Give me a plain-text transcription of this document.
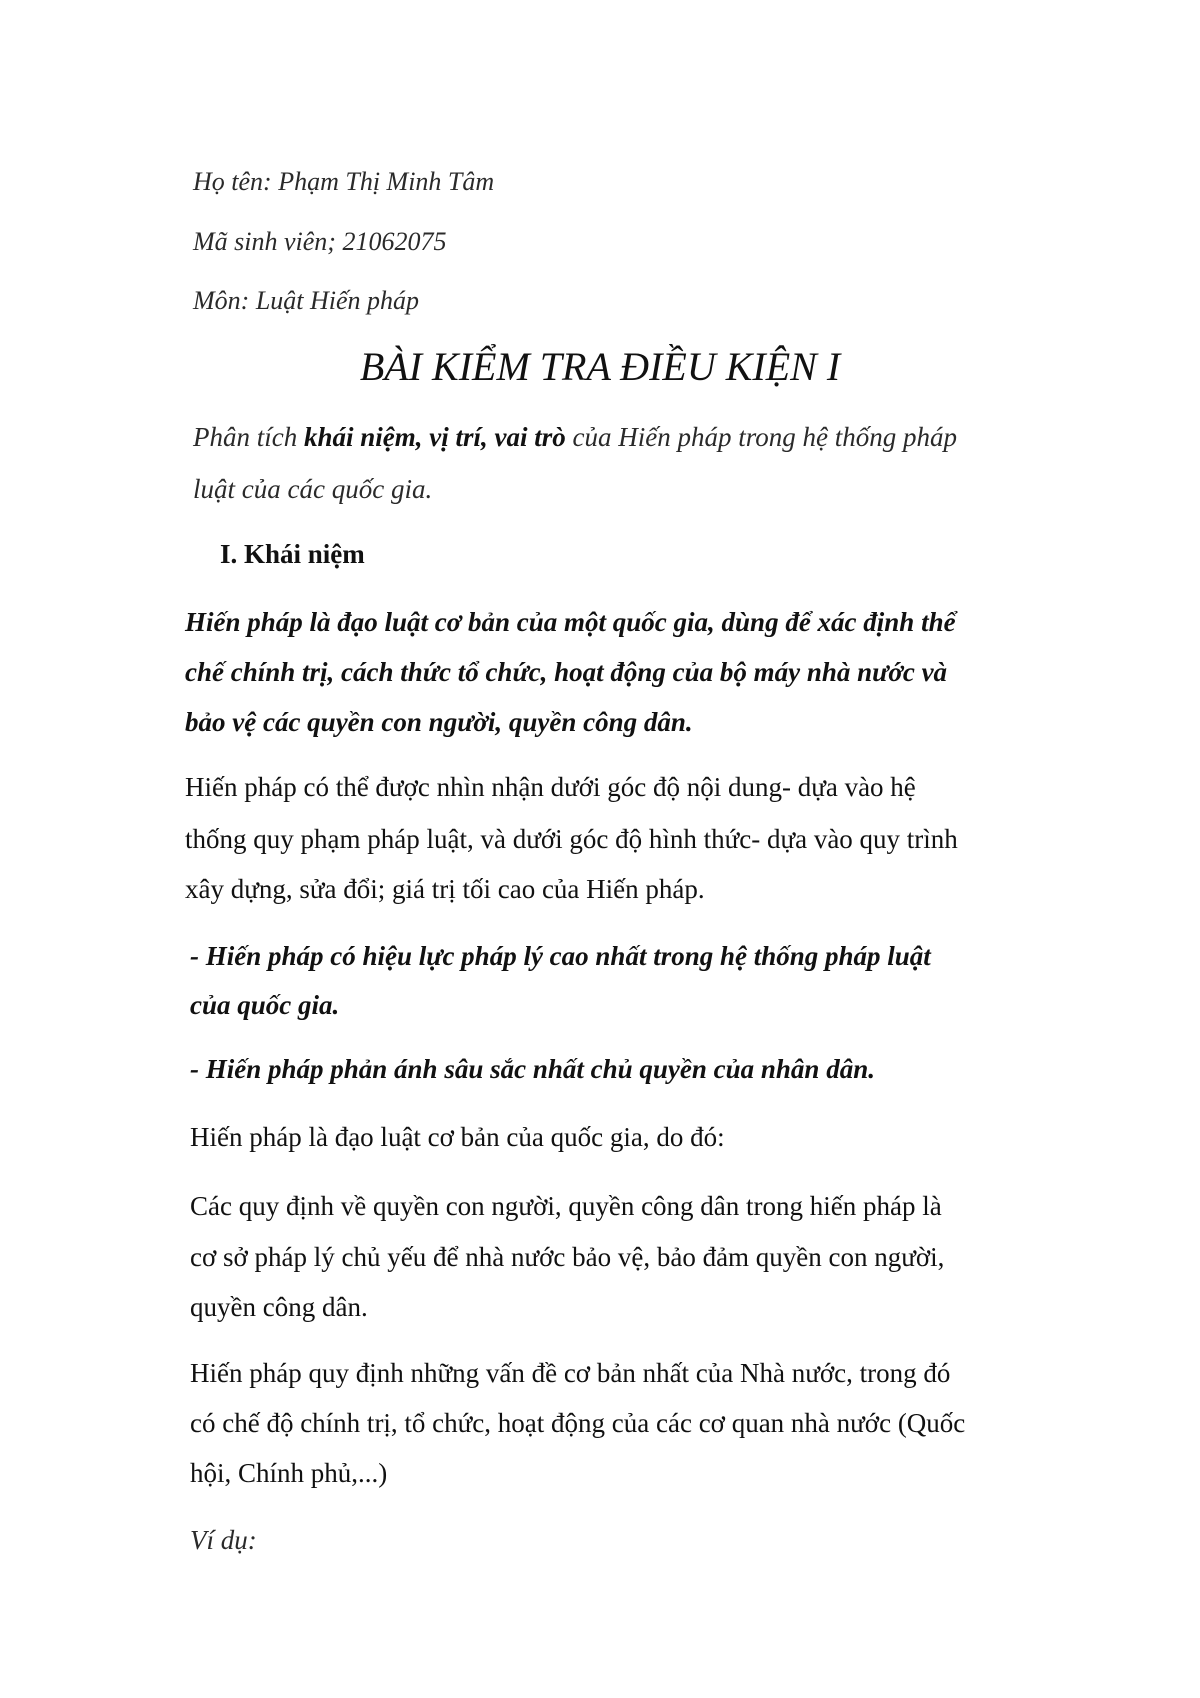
Họ tên: Phạm Thị Minh Tâm
Mã sinh viên; 21062075
Môn: Luật Hiến pháp
BÀI KIỂM TRA ĐIỀU KIỆN I
Phân tích khái niệm, vị trí, vai trò của Hiến pháp trong hệ thống pháp
luật của các quốc gia.
I. Khái niệm
Hiến pháp là đạo luật cơ bản của một quốc gia, dùng để xác định thể
chế chính trị, cách thức tổ chức, hoạt động của bộ máy nhà nước và
bảo vệ các quyền con người, quyền công dân.
Hiến pháp có thể được nhìn nhận dưới góc độ nội dung- dựa vào hệ
thống quy phạm pháp luật, và dưới góc độ hình thức- dựa vào quy trình
xây dựng, sửa đổi; giá trị tối cao của Hiến pháp.
- Hiến pháp có hiệu lực pháp lý cao nhất trong hệ thống pháp luật
của quốc gia.
- Hiến pháp phản ánh sâu sắc nhất chủ quyền của nhân dân.
Hiến pháp là đạo luật cơ bản của quốc gia, do đó:
Các quy định về quyền con người, quyền công dân trong hiến pháp là
cơ sở pháp lý chủ yếu để nhà nước bảo vệ, bảo đảm quyền con người,
quyền công dân.
Hiến pháp quy định những vấn đề cơ bản nhất của Nhà nước, trong đó
có chế độ chính trị, tổ chức, hoạt động của các cơ quan nhà nước (Quốc
hội, Chính phủ,...)
Ví dụ:
